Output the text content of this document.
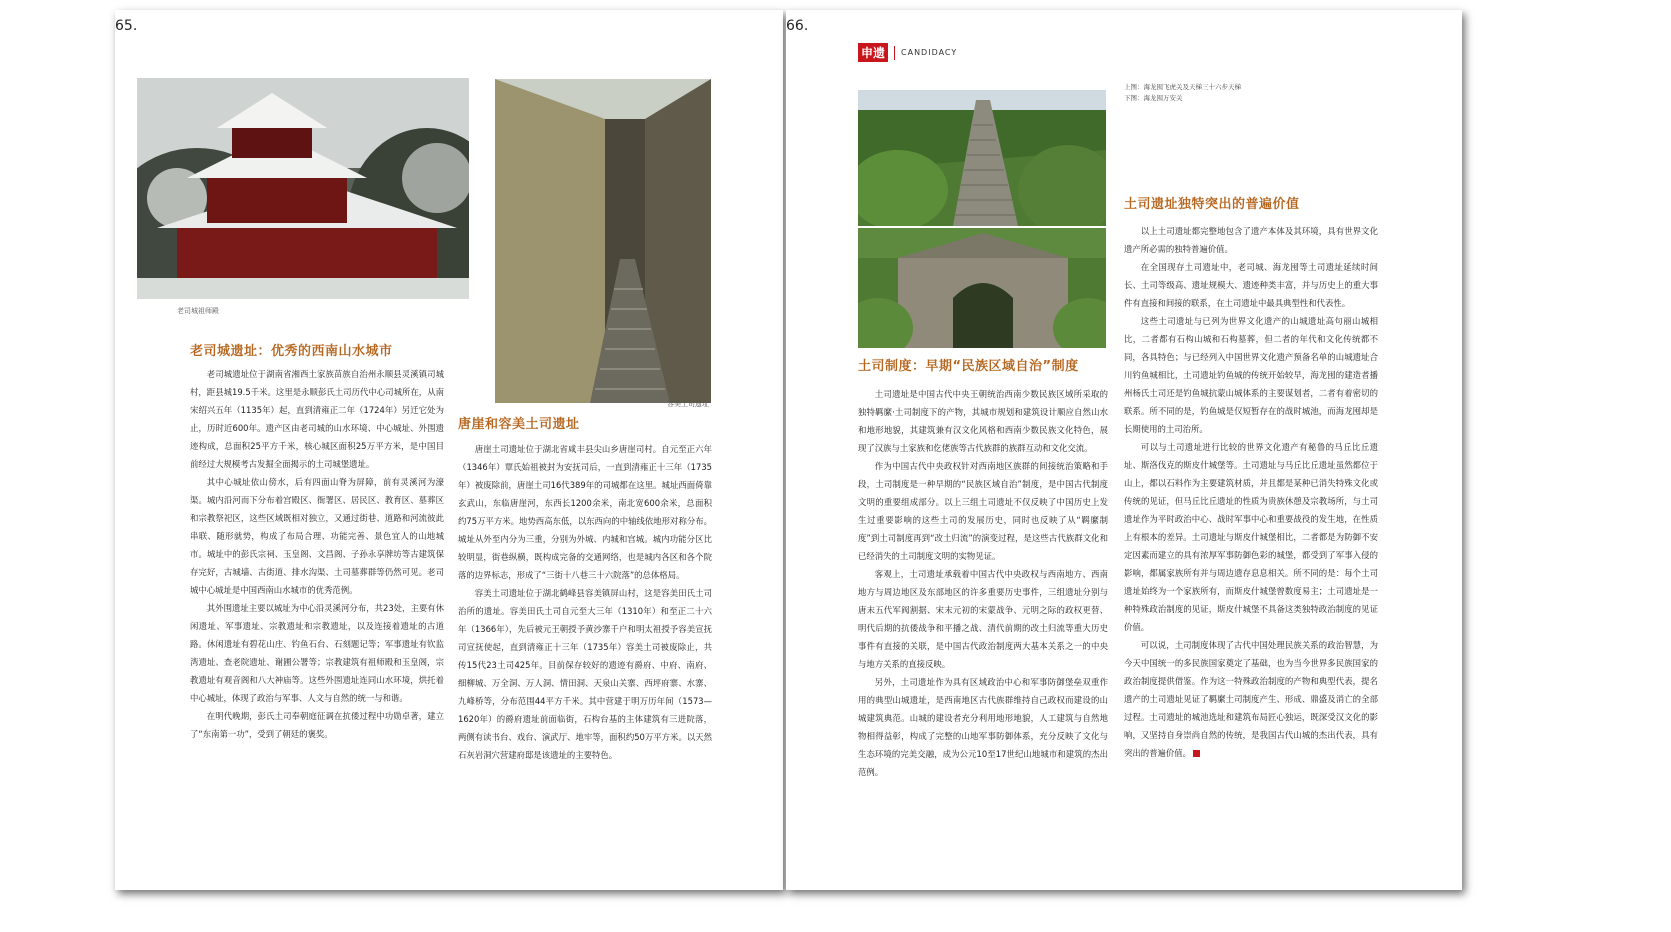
65.
老司城祖师殿
容美土司遗址
老司城遗址：优秀的西南山水城市

老司城遗址位于湖南省湘西土家族苗族自治州永顺县灵溪镇司城村，距县城19.5千米。这里是永顺彭氏土司历代中心司城所在，从南宋绍兴五年（1135年）起，直到清雍正二年（1724年）另迁它处为止，历时近600年。遗产区由老司城的山水环境、中心城址、外围遗迹构成，总面积25平方千米，核心城区面积25万平方米，是中国目前经过大规模考古发掘全面揭示的土司城堡遗址。

其中心城址依山傍水，后有四面山脊为屏障，前有灵溪河为濠渠。城内沿河而下分布着宫殿区、衙署区、居民区、教育区、墓葬区和宗教祭祀区，这些区域既相对独立，又通过街巷、道路和河流彼此串联、随形就势，构成了布局合理、功能完善、景色宜人的山地城市。城址中的彭氏宗祠、玉皇阁、文昌阁、子孙永享牌坊等古建筑保存完好，古城墙、古街道、排水沟渠、土司墓葬群等仍然可见。老司城中心城址是中国西南山水城市的优秀范例。

其外围遗址主要以城址为中心沿灵溪河分布，共23处，主要有休闲遗址、军事遗址、宗教遗址和宗教遗址，以及连接着遗址的古道路。休闲遗址有碧花山庄、钓鱼石台、石刻题记等；军事遗址有钦监湾遗址、查老院遗址、谢圃公署等；宗教建筑有祖师殿和玉皇阁，宗教遗址有观音阁和八大神庙等。这些外围遗址连同山水环境，烘托着中心城址，体现了政治与军事、人文与自然的统一与和谐。

在明代晚期，彭氏土司奉朝庭征调在抗倭过程中功勋卓著，建立了“东南第一功”，受到了朝廷的褒奖。

唐崖和容美土司遗址

唐崖土司遗址位于湖北省咸丰县尖山乡唐崖司村。自元至正六年（1346年）覃氏始祖被封为安抚司后，一直到清雍正十三年（1735年）被废除前，唐崖土司16代389年的司城都在这里。城址西面倚靠玄武山，东临唐崖河，东西长1200余米，南北宽600余米，总面积约75万平方米。地势西高东低，以东西向的中轴线依地形对称分布。城址从外至内分为三重，分别为外城、内城和宫城。城内功能分区比较明显，街巷纵横，既构成完备的交通网络，也是城内各区和各个院落的边界标志，形成了“三街十八巷三十六院落”的总体格局。

容美土司遗址位于湖北鹤峰县容美镇屏山村，这是容美田氏土司治所的遗址。容美田氏土司自元至大三年（1310年）和至正二十六年（1366年），先后被元王朝授予黄沙寨千户和明太祖授予容美宣抚司宣抚使起，直到清雍正十三年（1735年）容美土司被废除止，共传15代23土司425年。目前保存较好的遗迹有爵府、中府、南府、细柳城、万全洞、万人洞、情田洞、天泉山关寨、西坪府寨、水寨、九峰桥等，分布范围44平方千米。其中营建于明万历年间（1573—1620年）的爵府遗址前面临街，石构台基的主体建筑有三进院落，两侧有读书台、戏台、演武厅、地牢等，面积约50万平方米。以天然石灰岩洞穴营建府邸是该遗址的主要特色。

66.
申遗	CANDIDACY
上图：海龙囤飞虎关及天梯三十六步天梯
下图：海龙囤万安关
土司制度：早期“民族区域自治”制度

土司遗址是中国古代中央王朝统治西南少数民族区域所采取的独特羁縻·土司制度下的产物，其城市规划和建筑设计顺应自然山水和地形地貌，其建筑兼有汉文化风格和西南少数民族文化特色，展现了汉族与土家族和仡佬族等古代族群的族群互动和文化交流。

作为中国古代中央政权针对西南地区族群的间接统治策略和手段，土司制度是一种早期的“民族区域自治”制度，是中国古代制度文明的重要组成部分。以上三组土司遗址不仅反映了中国历史上发生过重要影响的这些土司的发展历史，同时也反映了从“羁縻制度”到土司制度再到“改土归流”的演变过程，是这些古代族群文化和已经消失的土司制度文明的实物见证。

客观上，土司遗址承载着中国古代中央政权与西南地方、西南地方与周边地区及东部地区的许多重要历史事件，三组遗址分别与唐末五代军阀割据、宋末元初的宋蒙战争、元明之际的政权更替、明代后期的抗倭战争和平播之战、清代前期的改土归流等重大历史事件有直接的关联，是中国古代政治制度两大基本关系之一的中央与地方关系的直接反映。

另外，土司遗址作为具有区域政治中心和军事防御堡垒双重作用的典型山城遗址，是西南地区古代族群维持自己政权而建设的山城建筑典范。山城的建设者充分利用地形地貌，人工建筑与自然地物相得益彰，构成了完整的山地军事防御体系，充分反映了文化与生态环境的完美交融，成为公元10至17世纪山地城市和建筑的杰出范例。

土司遗址独特突出的普遍价值

以上土司遗址都完整地包含了遗产本体及其环境，具有世界文化遗产所必需的独特普遍价值。

在全国现存土司遗址中，老司城、海龙囤等土司遗址延续时间长、土司等级高、遗址规模大、遗迹种类丰富，并与历史上的重大事件有直接和间接的联系，在土司遗址中最具典型性和代表性。

这些土司遗址与已列为世界文化遗产的山城遗址高句丽山城相比，二者都有石构山城和石构墓葬，但二者的年代和文化传统都不同，各具特色；与已经列入中国世界文化遗产预备名单的山城遗址合川钓鱼城相比，土司遗址钓鱼城的传统开始较早，海龙囤的建造者播州杨氏土司还是钓鱼城抗蒙山城体系的主要谋划者，二者有着密切的联系。所不同的是，钓鱼城是仅短暂存在的战时城池，而海龙囤却是长期使用的土司治所。

可以与土司遗址进行比较的世界文化遗产有秘鲁的马丘比丘遗址、斯洛伐克的斯皮什城堡等。土司遗址与马丘比丘遗址虽然都位于山上，都以石料作为主要建筑材质，并且都是某种已消失特殊文化或传统的见证，但马丘比丘遗址的性质为贵族休憩及宗教场所，与土司遗址作为平时政治中心、战时军事中心和重要战役的发生地，在性质上有根本的差异。土司遗址与斯皮什城堡相比，二者都是为防御不安定因素而建立的具有浓厚军事防御色彩的城堡，都受到了军事入侵的影响，都属家族所有并与周边遗存息息相关。所不同的是：每个土司遗址始终为一个家族所有，而斯皮什城堡曾数度易主；土司遗址是一种特殊政治制度的见证，斯皮什城堡不具备这类独特政治制度的见证价值。

可以说，土司制度体现了古代中国处理民族关系的政治智慧，为今天中国统一的多民族国家奠定了基础，也为当今世界多民族国家的政治制度提供借鉴。作为这一特殊政治制度的产物和典型代表，提名遗产的土司遗址见证了羁縻土司制度产生、形成、鼎盛及消亡的全部过程。土司遗址的城池选址和建筑布局匠心独运，既深受汉文化的影响，又坚持自身崇尚自然的传统，是我国古代山城的杰出代表，具有突出的普遍价值。
